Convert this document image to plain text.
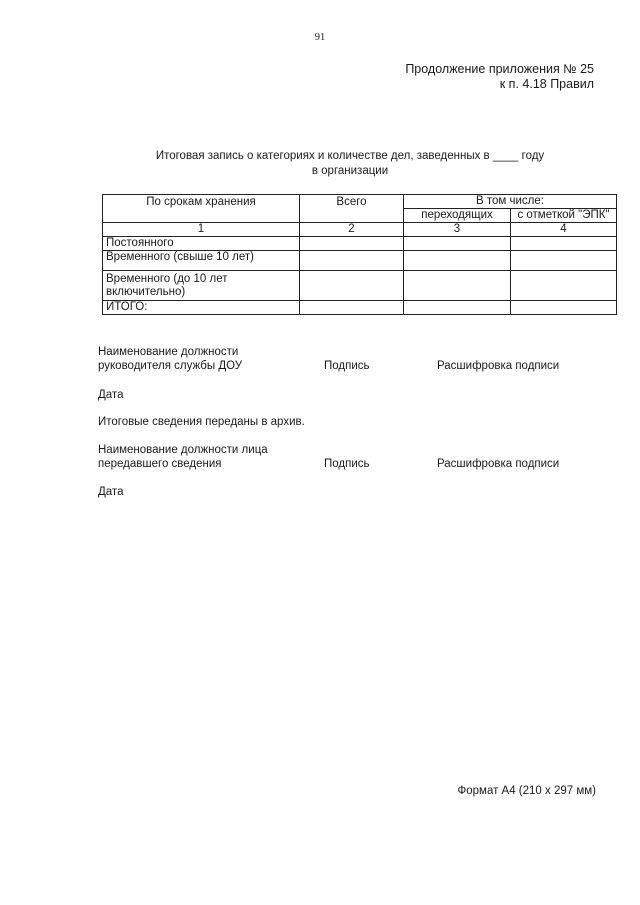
91
Продолжение приложения № 25
к п. 4.18 Правил
Итоговая запись о категориях и количестве дел, заведенных в ____ году
в организации
По срокам хранения	Всего	В том числе:	
		переходящих	с отметкой "ЭПК"
1	2	3	4
Постоянного			
Временного (свыше 10 лет)			

Временного (до 10 лет
включительно)			

ИТОГО:			
Наименование должности
руководителя службы ДОУ	Подпись	Расшифровка подписи
Дата
Итоговые сведения переданы в архив.
Наименование должности лица
передавшего сведения	Подпись	Расшифровка подписи
Дата
Формат А4 (210 х 297 мм)
